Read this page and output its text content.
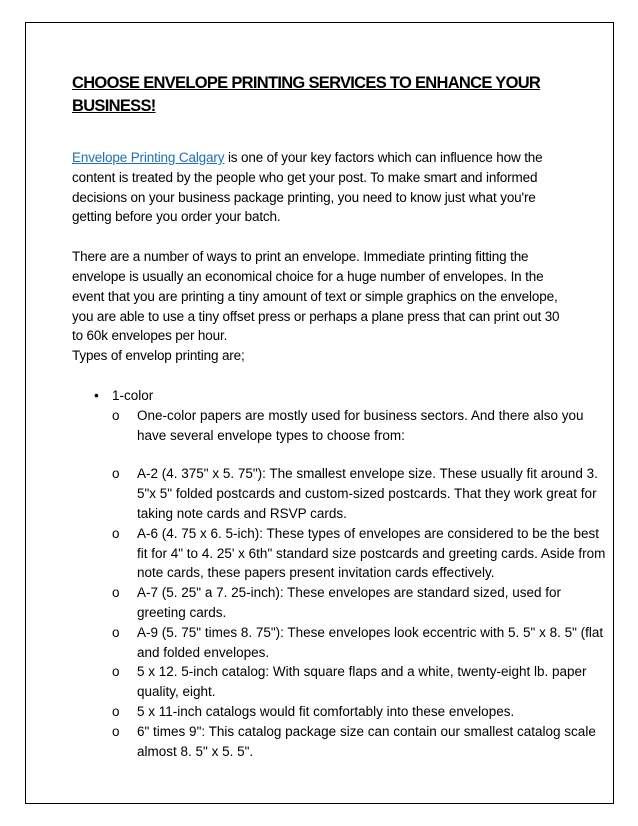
CHOOSE ENVELOPE PRINTING SERVICES TO ENHANCE YOUR BUSINESS!

Envelope Printing Calgary is one of your key factors which can influence how the content is treated by the people who get your post. To make smart and informed decisions on your business package printing, you need to know just what you're getting before you order your batch.

There are a number of ways to print an envelope. Immediate printing fitting the envelope is usually an economical choice for a huge number of envelopes. In the event that you are printing a tiny amount of text or simple graphics on the envelope, you are able to use a tiny offset press or perhaps a plane press that can print out 30 to 60k envelopes per hour.

Types of envelop printing are;

• 1-color
o One-color papers are mostly used for business sectors. And there also you have several envelope types to choose from:
o A-2 (4. 375" x 5. 75"): The smallest envelope size. These usually fit around 3. 5"x 5" folded postcards and custom-sized postcards. That they work great for taking note cards and RSVP cards.
o A-6 (4. 75 x 6. 5-ich): These types of envelopes are considered to be the best fit for 4" to 4. 25' x 6th" standard size postcards and greeting cards. Aside from note cards, these papers present invitation cards effectively.
o A-7 (5. 25" a 7. 25-inch): These envelopes are standard sized, used for greeting cards.
o A-9 (5. 75" times 8. 75"): These envelopes look eccentric with 5. 5" x 8. 5" (flat and folded envelopes.
o 5 x 12. 5-inch catalog: With square flaps and a white, twenty-eight lb. paper quality, eight.
o 5 x 11-inch catalogs would fit comfortably into these envelopes.
o 6" times 9": This catalog package size can contain our smallest catalog scale almost 8. 5" x 5. 5".
